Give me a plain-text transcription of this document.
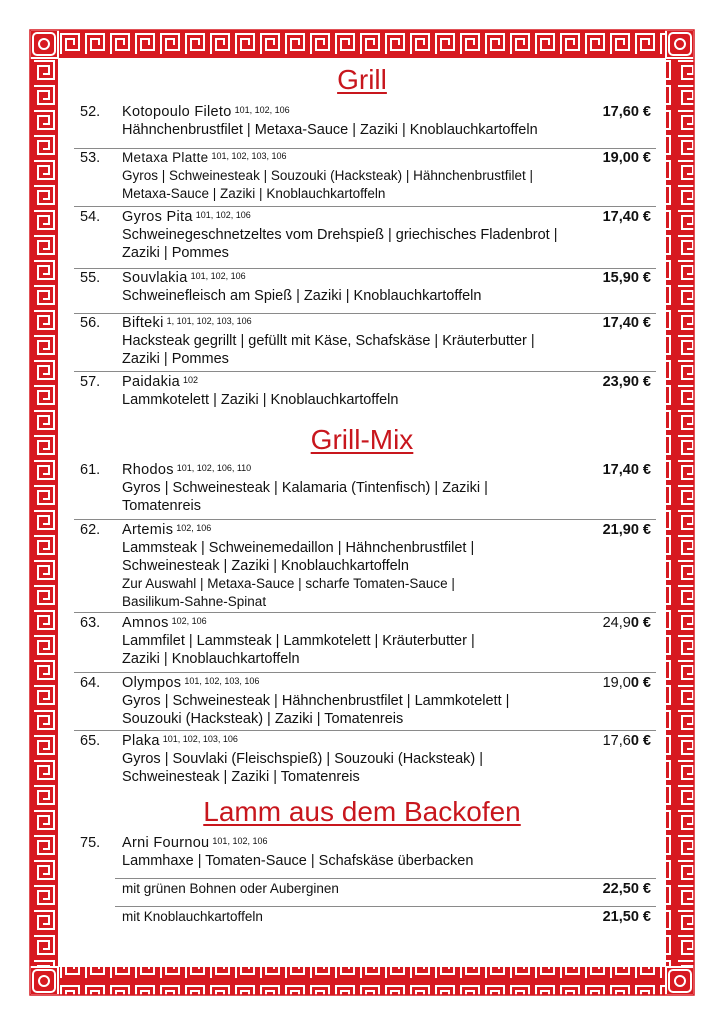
Grill
52. Kotopoulo Fileto $^{101, 102, 106}$
Hähnchenbrustfilet | Metaxa-Sauce | Zaziki | Knoblauchkartoffeln
17,60 €
53. Metaxa Platte $^{101, 102, 103, 106}$
Gyros | Schweinesteak | Souzouki (Hacksteak) | Hähnchenbrustfilet |
Metaxa-Sauce | Zaziki | Knoblauchkartoffeln
19,00 €
54. Gyros Pita $^{101, 102, 106}$
Schweinegeschnetzeltes vom Drehspieß | griechisches Fladenbrot |
Zaziki | Pommes
17,40 €
55. Souvlakia $^{101, 102, 106}$
Schweinefleisch am Spieß | Zaziki | Knoblauchkartoffeln
15,90 €
56. Bifteki $^{1, 101, 102, 103, 106}$
Hacksteak gegrillt | gefüllt mit Käse, Schafskäse | Kräuterbutter |
Zaziki | Pommes
17,40 €
57. Paidakia $^{102}$
Lammkotelett | Zaziki | Knoblauchkartoffeln
23,90 €
Grill-Mix
61. Rhodos $^{101, 102, 106, 110}$
Gyros | Schweinesteak | Kalamaria (Tintenfisch) | Zaziki |
Tomatenreis
17,40 €
62. Artemis $^{102, 106}$
Lammsteak | Schweinemedaillon | Hähnchenbrustfilet |
Schweinesteak | Zaziki | Knoblauchkartoffeln
Zur Auswahl | Metaxa-Sauce | scharfe Tomaten-Sauce |
Basilikum-Sahne-Spinat
21,90 €
63. Amnos $^{102, 106}$
Lammfilet | Lammsteak | Lammkotelett | Kräuterbutter |
Zaziki | Knoblauchkartoffeln
24,90 €
64. Olympos $^{101, 102, 103, 106}$
Gyros | Schweinesteak | Hähnchenbrustfilet | Lammkotelett |
Souzouki (Hacksteak) | Zaziki | Tomatenreis
19,00 €
65. Plaka $^{101, 102, 103, 106}$
Gyros | Souvlaki (Fleischspieß) | Souzouki (Hacksteak) |
Schweinesteak | Zaziki | Tomatenreis
17,60 €
Lamm aus dem Backofen
75. Arni Fournou $^{101, 102, 106}$
Lammhaxe | Tomaten-Sauce | Schafskäse überbacken
mit grünen Bohnen oder Auberginen	22,50 €
mit Knoblauchkartoffeln	21,50 €
